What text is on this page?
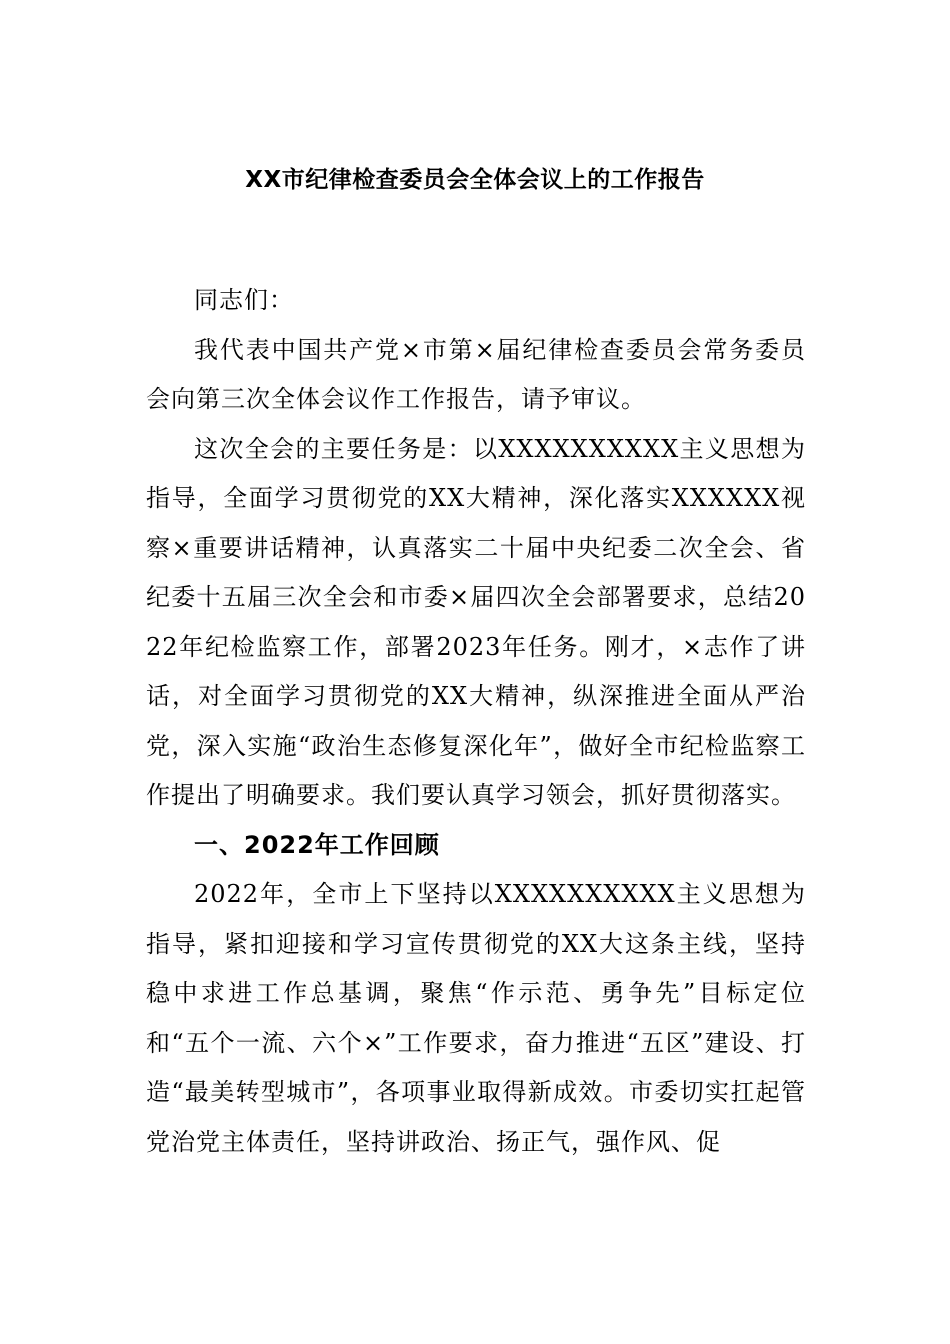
XX市纪律检查委员会全体会议上的工作报告

同志们：

我代表中国共产党×市第×届纪律检查委员会常务委员会向第三次全体会议作工作报告，请予审议。

这次全会的主要任务是：以XXXXXXXXXX主义思想为指导，全面学习贯彻党的XX大精神，深化落实XXXXXX视察×重要讲话精神，认真落实二十届中央纪委二次全会、省纪委十五届三次全会和市委×届四次全会部署要求，总结2022年纪检监察工作，部署2023年任务。刚才，×志作了讲话，对全面学习贯彻党的XX大精神，纵深推进全面从严治党，深入实施“政治生态修复深化年”，做好全市纪检监察工作提出了明确要求。我们要认真学习领会，抓好贯彻落实。

一、2022年工作回顾

2022年，全市上下坚持以XXXXXXXXXX主义思想为指导，紧扣迎接和学习宣传贯彻党的XX大这条主线，坚持稳中求进工作总基调，聚焦“作示范、勇争先”目标定位和“五个一流、六个×”工作要求，奋力推进“五区”建设、打造“最美转型城市”，各项事业取得新成效。市委切实扛起管党治党主体责任，坚持讲政治、扬正气，强作风、促
